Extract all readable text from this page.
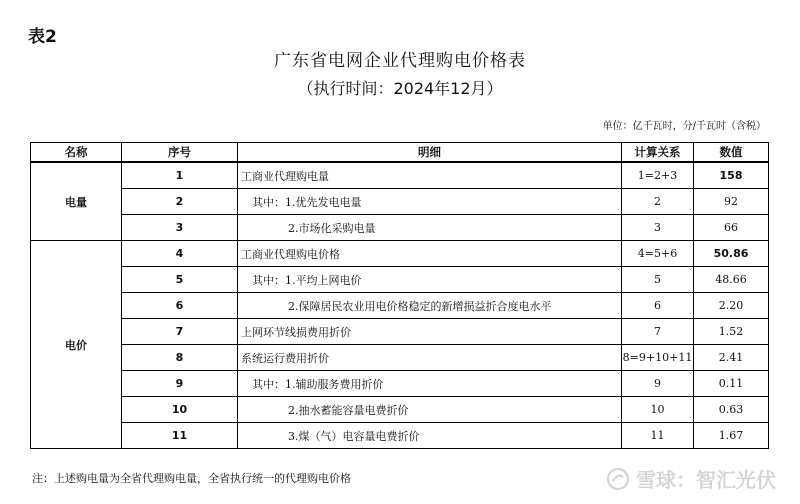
表2
广东省电网企业代理购电价格表
（执行时间：2024年12月）
单位：亿千瓦时，分/千瓦时（含税）
名称	序号	明细	计算关系	数值
电量	1	工商业代理购电量	1=2+3	158
	2	其中：1.优先发电电量	2	92
	3	2.市场化采购电量	3	66
电价	4	工商业代理购电价格	4=5+6	50.86
	5	其中：1.平均上网电价	5	48.66
	6	2.保障居民农业用电价格稳定的新增损益折合度电水平	6	2.20
	7	上网环节线损费用折价	7	1.52
	8	系统运行费用折价	8=9+10+11	2.41
	9	其中：1.辅助服务费用折价	9	0.11
	10	2.抽水蓄能容量电费折价	10	0.63
	11	3.煤（气）电容量电费折价	11	1.67
注：上述购电量为全省代理购电量，全省执行统一的代理购电价格	雪球：智汇光伏
